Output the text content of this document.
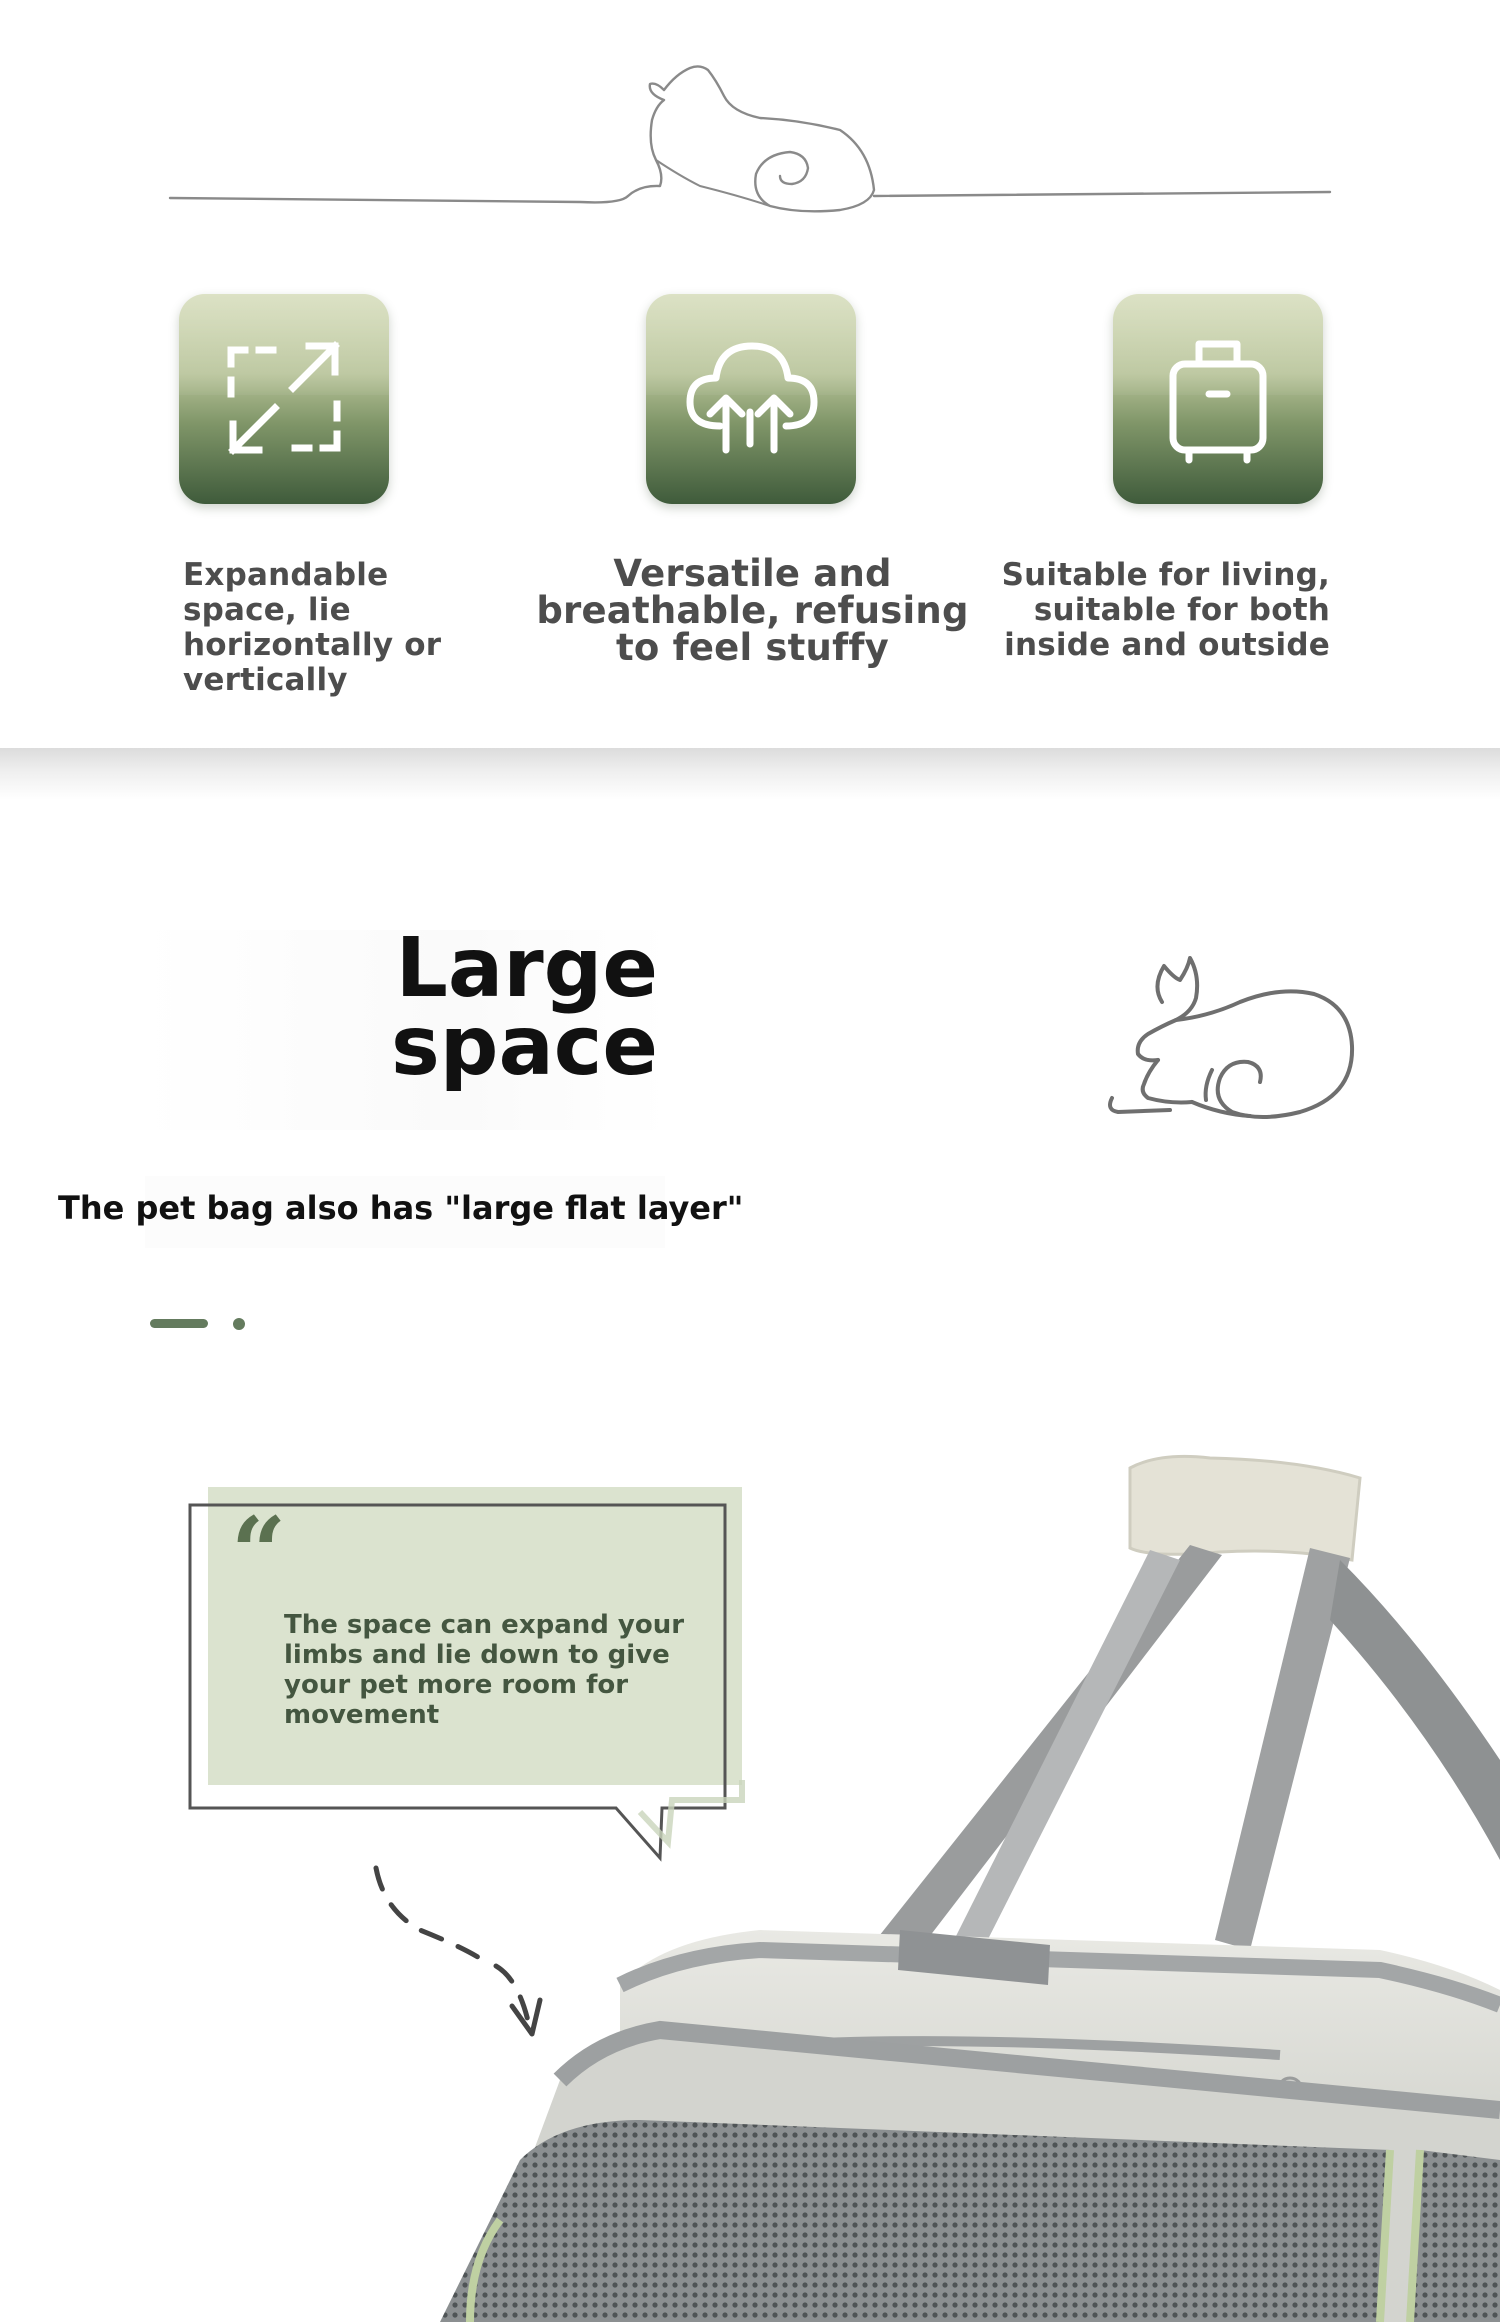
Expandable space, lie horizontally or vertically
Versatile and breathable, refusing to feel stuffy
Suitable for living, suitable for both inside and outside
Large
space
The pet bag also has "large flat layer"
“
The space can expand your limbs and lie down to give your pet more room for movement
